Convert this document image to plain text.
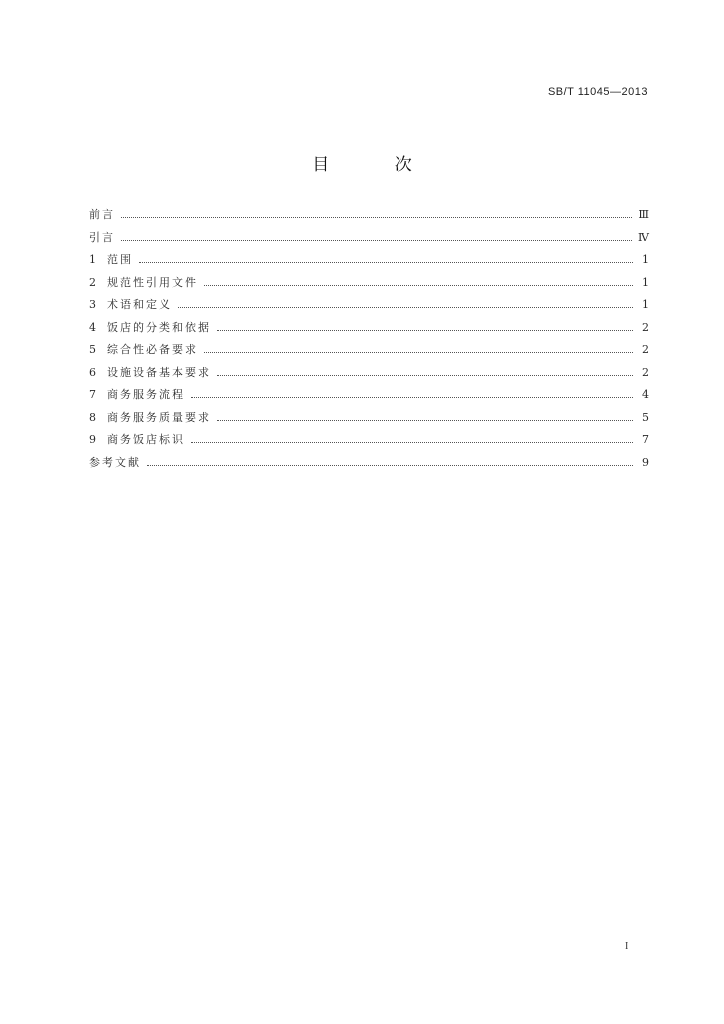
SB/T 11045—2013
目 次
前言	Ⅲ
引言	Ⅳ
1	范围	1
2	规范性引用文件	1
3	术语和定义	1
4	饭店的分类和依据	2
5	综合性必备要求	2
6	设施设备基本要求	2
7	商务服务流程	4
8	商务服务质量要求	5
9	商务饭店标识	7
参考文献	9
I
